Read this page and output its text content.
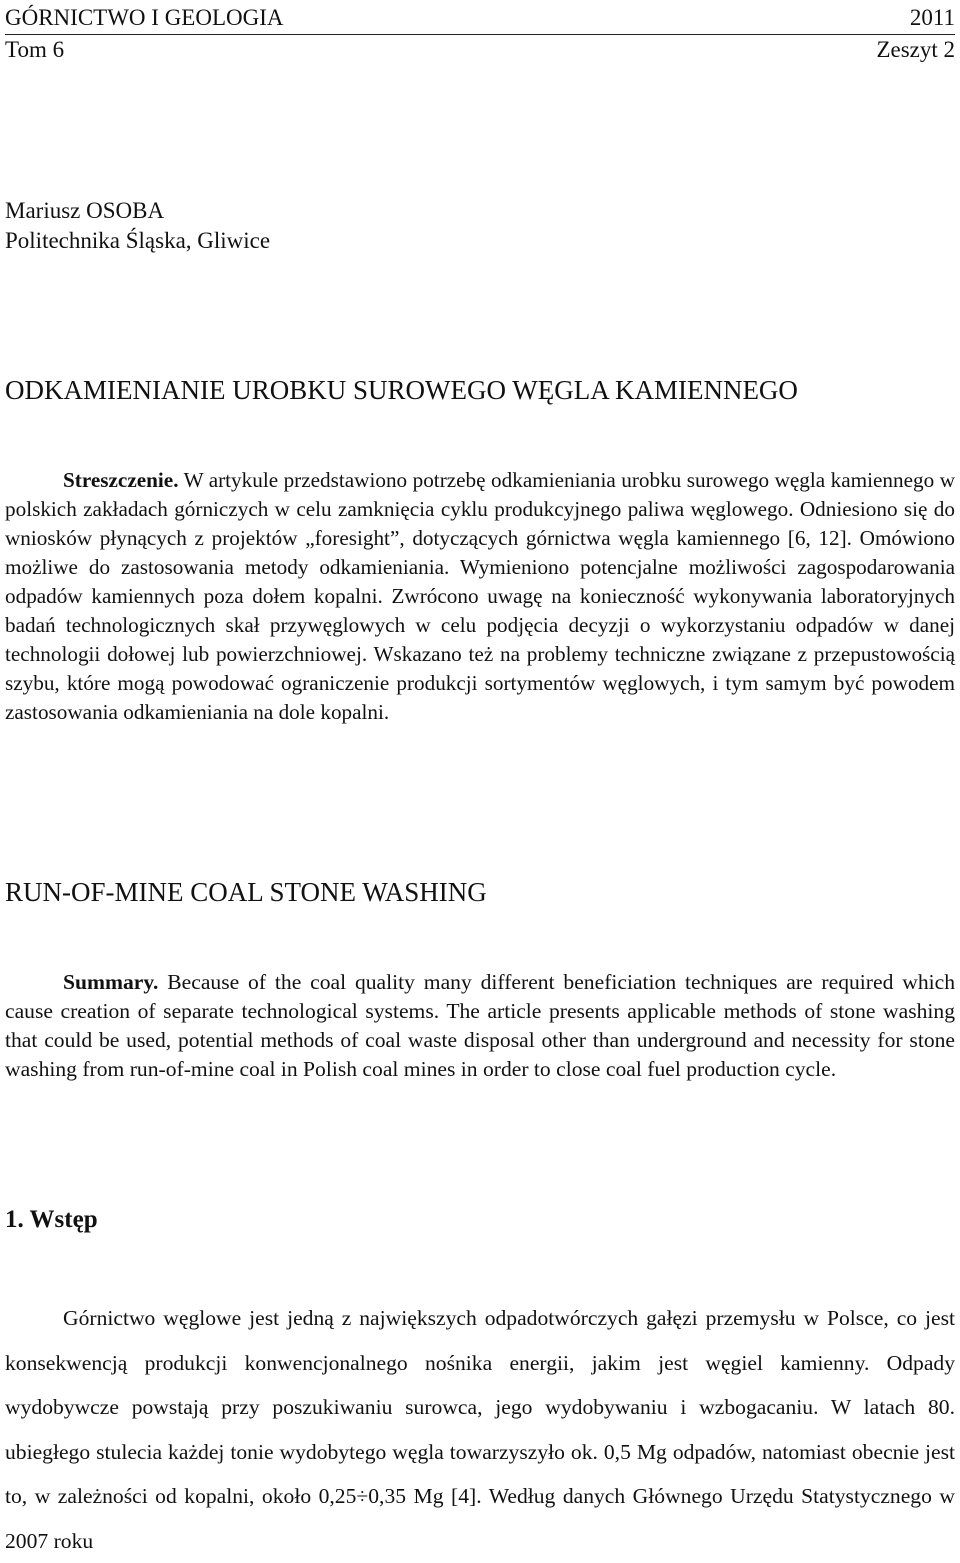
GÓRNICTWO I GEOLOGIA	2011
Tom 6	Zeszyt 2
Mariusz OSOBA
Politechnika Śląska, Gliwice
ODKAMIENIANIE UROBKU SUROWEGO WĘGLA KAMIENNEGO

Streszczenie. W artykule przedstawiono potrzebę odkamieniania urobku surowego węgla kamiennego w polskich zakładach górniczych w celu zamknięcia cyklu produkcyjnego paliwa węglowego. Odniesiono się do wniosków płynących z projektów „foresight”, dotyczących górnictwa węgla kamiennego [6, 12]. Omówiono możliwe do zastosowania metody odkamieniania. Wymieniono potencjalne możliwości zagospodarowania odpadów kamiennych poza dołem kopalni. Zwrócono uwagę na konieczność wykonywania laboratoryjnych badań technologicznych skał przywęglowych w celu podjęcia decyzji o wykorzystaniu odpadów w danej technologii dołowej lub powierzchniowej. Wskazano też na problemy techniczne związane z przepustowością szybu, które mogą powodować ograniczenie produkcji sortymentów węglowych, i tym samym być powodem zastosowania odkamieniania na dole kopalni.

RUN-OF-MINE COAL STONE WASHING

Summary. Because of the coal quality many different beneficiation techniques are required which cause creation of separate technological systems. The article presents applicable methods of stone washing that could be used, potential methods of coal waste disposal other than underground and necessity for stone washing from run-of-mine coal in Polish coal mines in order to close coal fuel production cycle.

1. Wstęp

Górnictwo węglowe jest jedną z największych odpadotwórczych gałęzi przemysłu w Polsce, co jest konsekwencją produkcji konwencjonalnego nośnika energii, jakim jest węgiel kamienny. Odpady wydobywcze powstają przy poszukiwaniu surowca, jego wydobywaniu i wzbogacaniu. W latach 80. ubiegłego stulecia każdej tonie wydobytego węgla towarzyszyło ok. 0,5 Mg odpadów, natomiast obecnie jest to, w zależności od kopalni, około 0,25÷0,35 Mg [4]. Według danych Głównego Urzędu Statystycznego w 2007 roku
